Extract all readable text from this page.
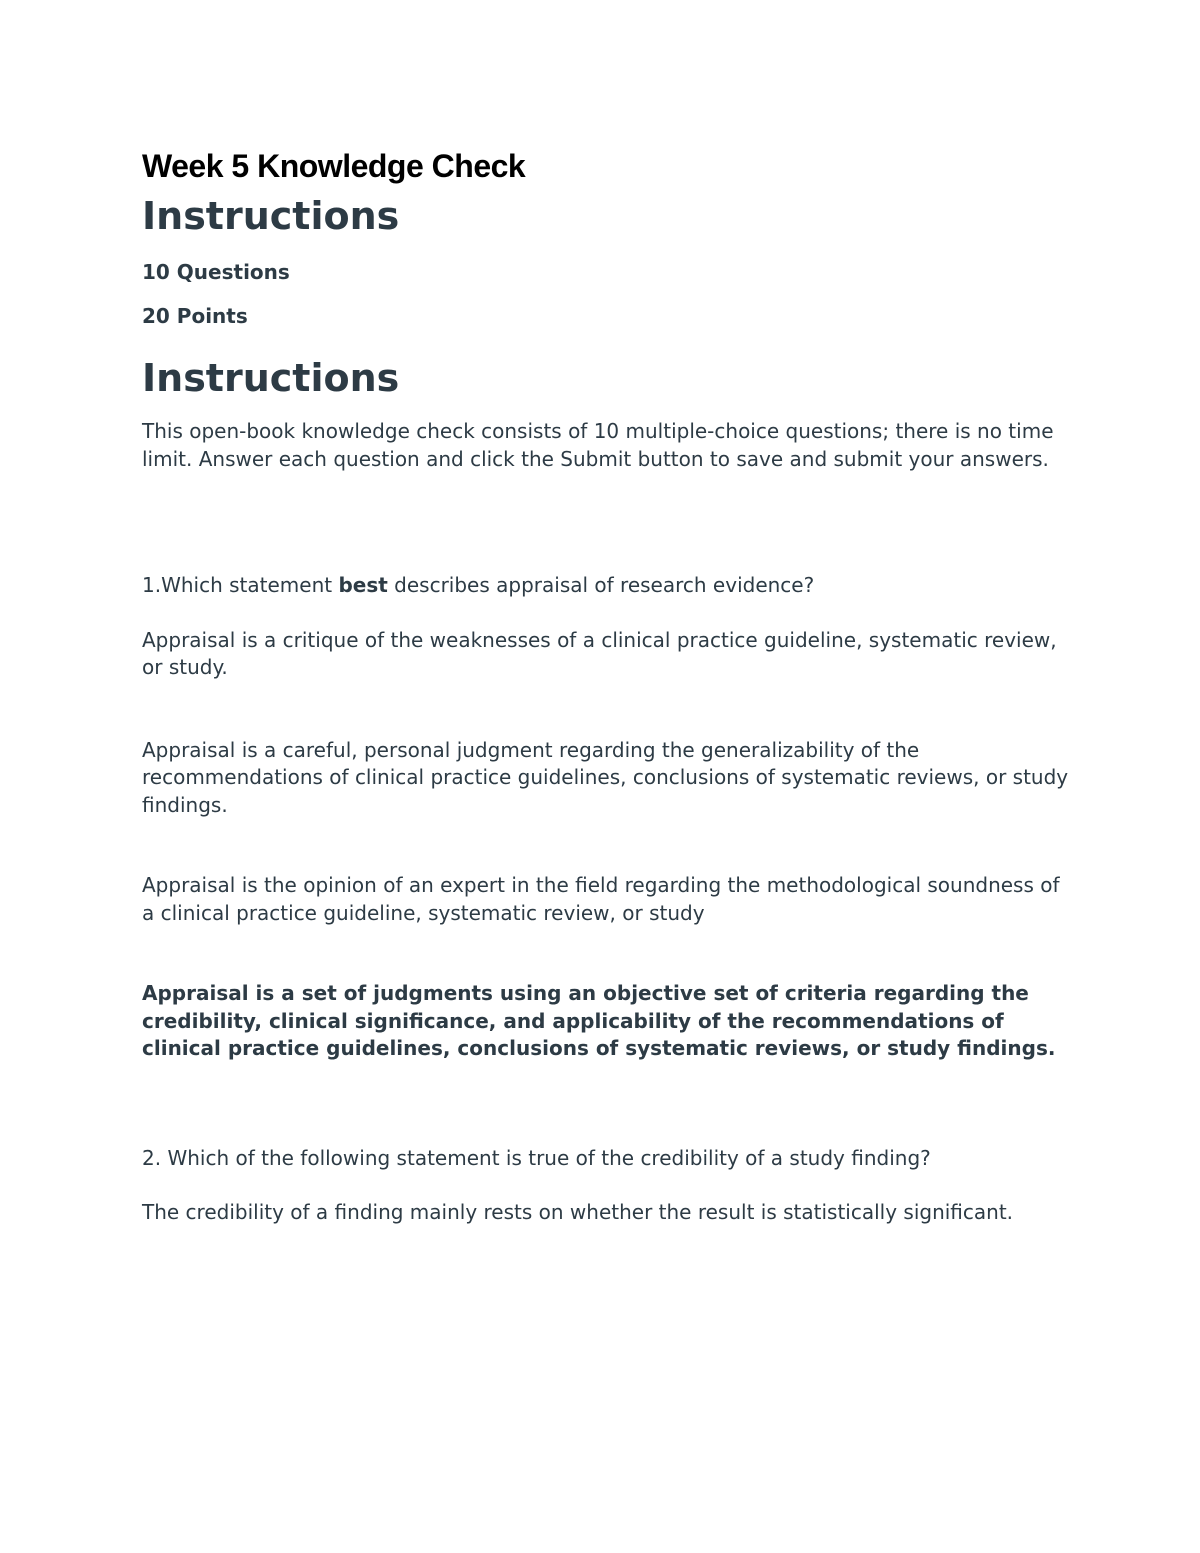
Week 5 Knowledge Check
Instructions

10 Questions

20 Points

Instructions

This open-book knowledge check consists of 10 multiple-choice questions; there is no time limit. Answer each question and click the Submit button to save and submit your answers.

1.Which statement best describes appraisal of research evidence?

Appraisal is a critique of the weaknesses of a clinical practice guideline, systematic review, or study.

Appraisal is a careful, personal judgment regarding the generalizability of the recommendations of clinical practice guidelines, conclusions of systematic reviews, or study findings.

Appraisal is the opinion of an expert in the field regarding the methodological soundness of a clinical practice guideline, systematic review, or study

Appraisal is a set of judgments using an objective set of criteria regarding the credibility, clinical significance, and applicability of the recommendations of clinical practice guidelines, conclusions of systematic reviews, or study findings.

2. Which of the following statement is true of the credibility of a study finding?

The credibility of a finding mainly rests on whether the result is statistically significant.
